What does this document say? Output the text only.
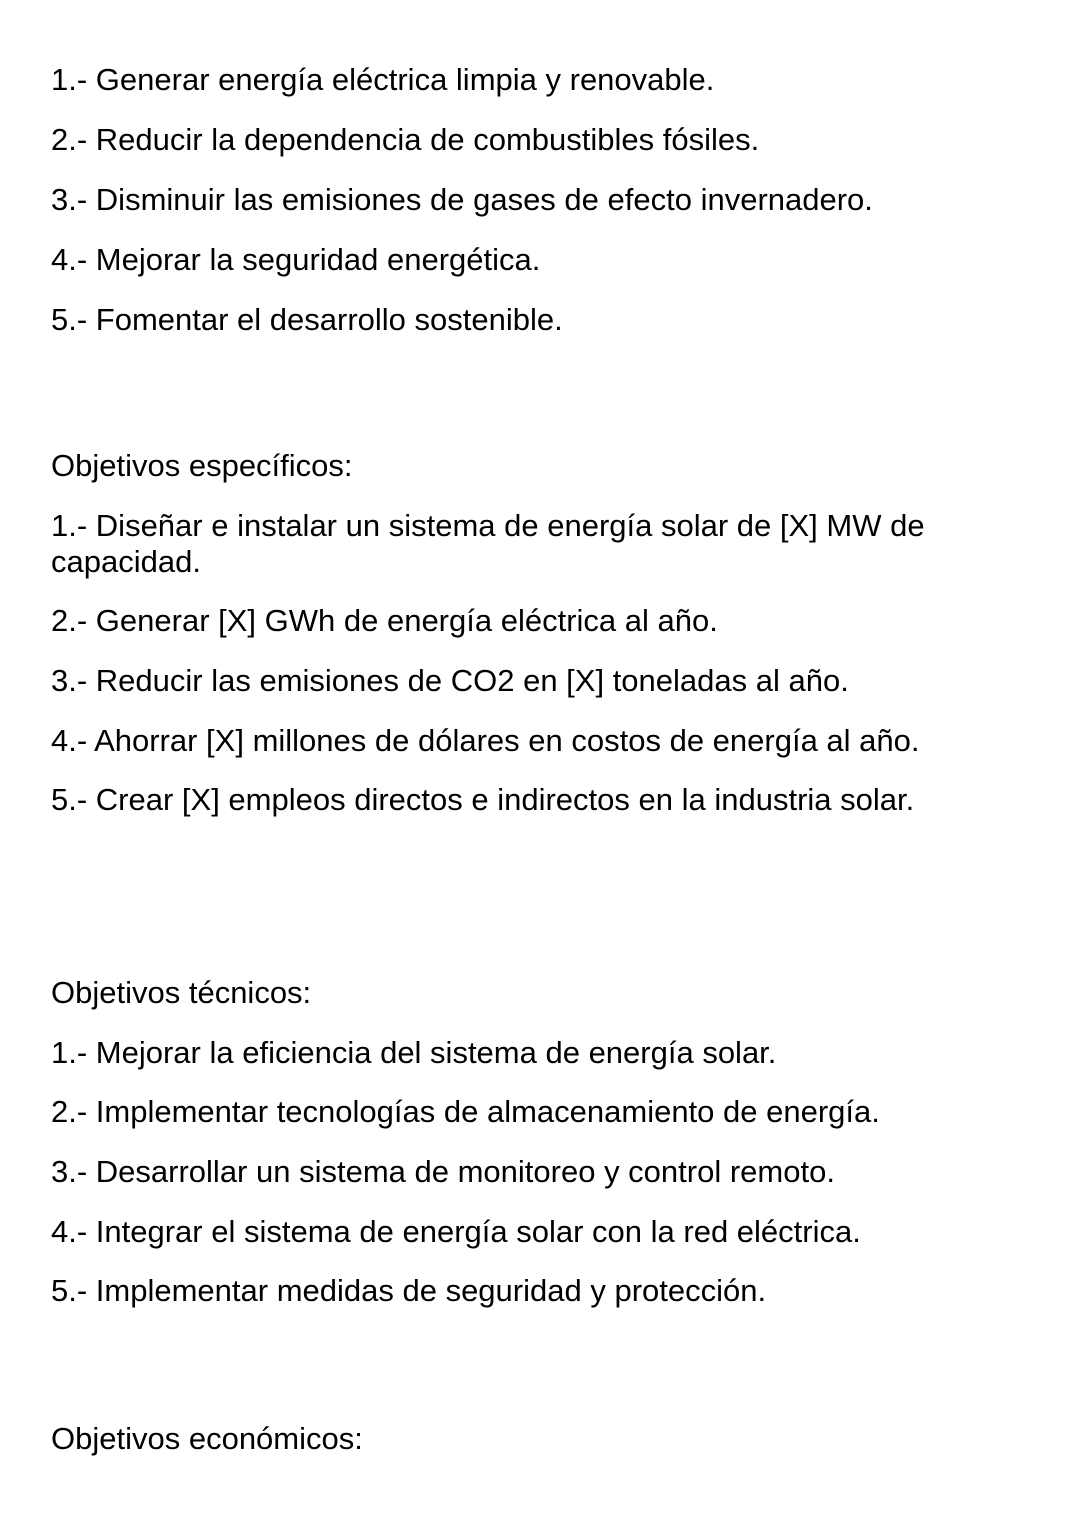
1.- Generar energía eléctrica limpia y renovable.
2.- Reducir la dependencia de combustibles fósiles.
3.- Disminuir las emisiones de gases de efecto invernadero.
4.- Mejorar la seguridad energética.
5.- Fomentar el desarrollo sostenible.
Objetivos específicos:
1.- Diseñar e instalar un sistema de energía solar de [X] MW de capacidad.
2.- Generar [X] GWh de energía eléctrica al año.
3.- Reducir las emisiones de CO2 en [X] toneladas al año.
4.- Ahorrar [X] millones de dólares en costos de energía al año.
5.- Crear [X] empleos directos e indirectos en la industria solar.
Objetivos técnicos:
1.- Mejorar la eficiencia del sistema de energía solar.
2.- Implementar tecnologías de almacenamiento de energía.
3.- Desarrollar un sistema de monitoreo y control remoto.
4.- Integrar el sistema de energía solar con la red eléctrica.
5.- Implementar medidas de seguridad y protección.
Objetivos económicos:
